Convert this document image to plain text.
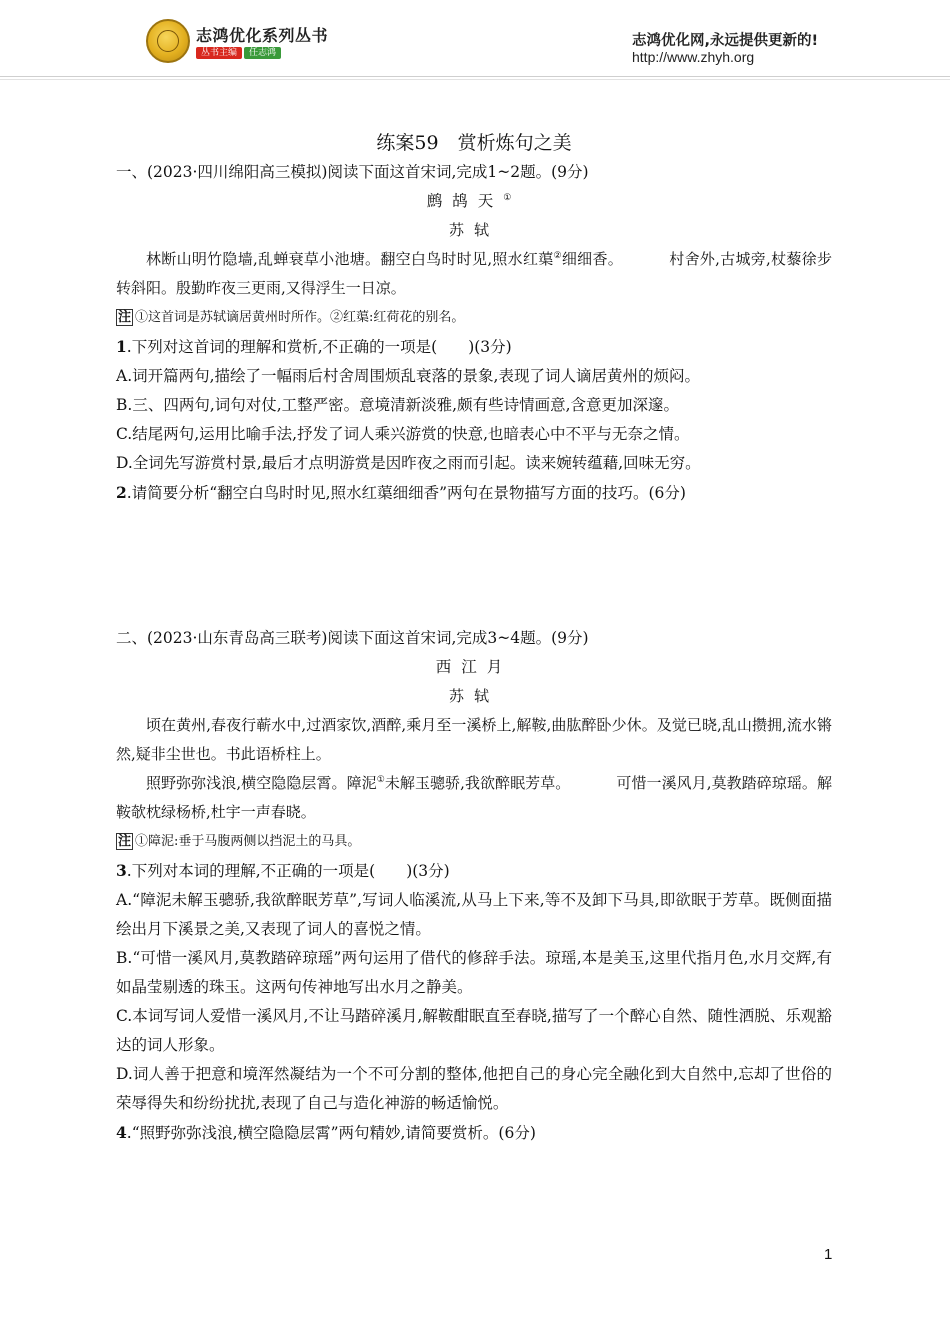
志鸿优化系列丛书
丛书主编 任志鸿
志鸿优化网,永远提供更新的!
http://www.zhyh.org

练案59　赏析炼句之美

一、(2023·四川绵阳高三模拟)阅读下面这首宋词,完成1~2题。(9分)

鹧鸪天①

苏轼

林断山明竹隐墙,乱蝉衰草小池塘。翻空白鸟时时见,照水红蕖②细细香。	村舍外,古城旁,杖藜徐步转斜阳。殷勤昨夜三更雨,又得浮生一日凉。

注 ①这首词是苏轼谪居黄州时所作。②红蕖:红荷花的别名。

1.下列对这首词的理解和赏析,不正确的一项是(　　)(3分)

A.词开篇两句,描绘了一幅雨后村舍周围烦乱衰落的景象,表现了词人谪居黄州的烦闷。

B.三、四两句,词句对仗,工整严密。意境清新淡雅,颇有些诗情画意,含意更加深邃。

C.结尾两句,运用比喻手法,抒发了词人乘兴游赏的快意,也暗表心中不平与无奈之情。

D.全词先写游赏村景,最后才点明游赏是因昨夜之雨而引起。读来婉转蕴藉,回味无穷。

2.请简要分析“翻空白鸟时时见,照水红蕖细细香”两句在景物描写方面的技巧。(6分)

二、(2023·山东青岛高三联考)阅读下面这首宋词,完成3~4题。(9分)

西江月

苏轼

顷在黄州,春夜行蕲水中,过酒家饮,酒醉,乘月至一溪桥上,解鞍,曲肱醉卧少休。及觉已晓,乱山攒拥,流水锵然,疑非尘世也。书此语桥柱上。

照野弥弥浅浪,横空隐隐层霄。障泥①未解玉骢骄,我欲醉眠芳草。	可惜一溪风月,莫教踏碎琼瑶。解鞍欹枕绿杨桥,杜宇一声春晓。

注 ①障泥:垂于马腹两侧以挡泥土的马具。

3.下列对本词的理解,不正确的一项是(　　)(3分)

A.“障泥未解玉骢骄,我欲醉眠芳草”,写词人临溪流,从马上下来,等不及卸下马具,即欲眠于芳草。既侧面描绘出月下溪景之美,又表现了词人的喜悦之情。

B.“可惜一溪风月,莫教踏碎琼瑶”两句运用了借代的修辞手法。琼瑶,本是美玉,这里代指月色,水月交辉,有如晶莹剔透的珠玉。这两句传神地写出水月之静美。

C.本词写词人爱惜一溪风月,不让马踏碎溪月,解鞍酣眠直至春晓,描写了一个醉心自然、随性洒脱、乐观豁达的词人形象。

D.词人善于把意和境浑然凝结为一个不可分割的整体,他把自己的身心完全融化到大自然中,忘却了世俗的荣辱得失和纷纷扰扰,表现了自己与造化神游的畅适愉悦。

4.“照野弥弥浅浪,横空隐隐层霄”两句精妙,请简要赏析。(6分)

1
